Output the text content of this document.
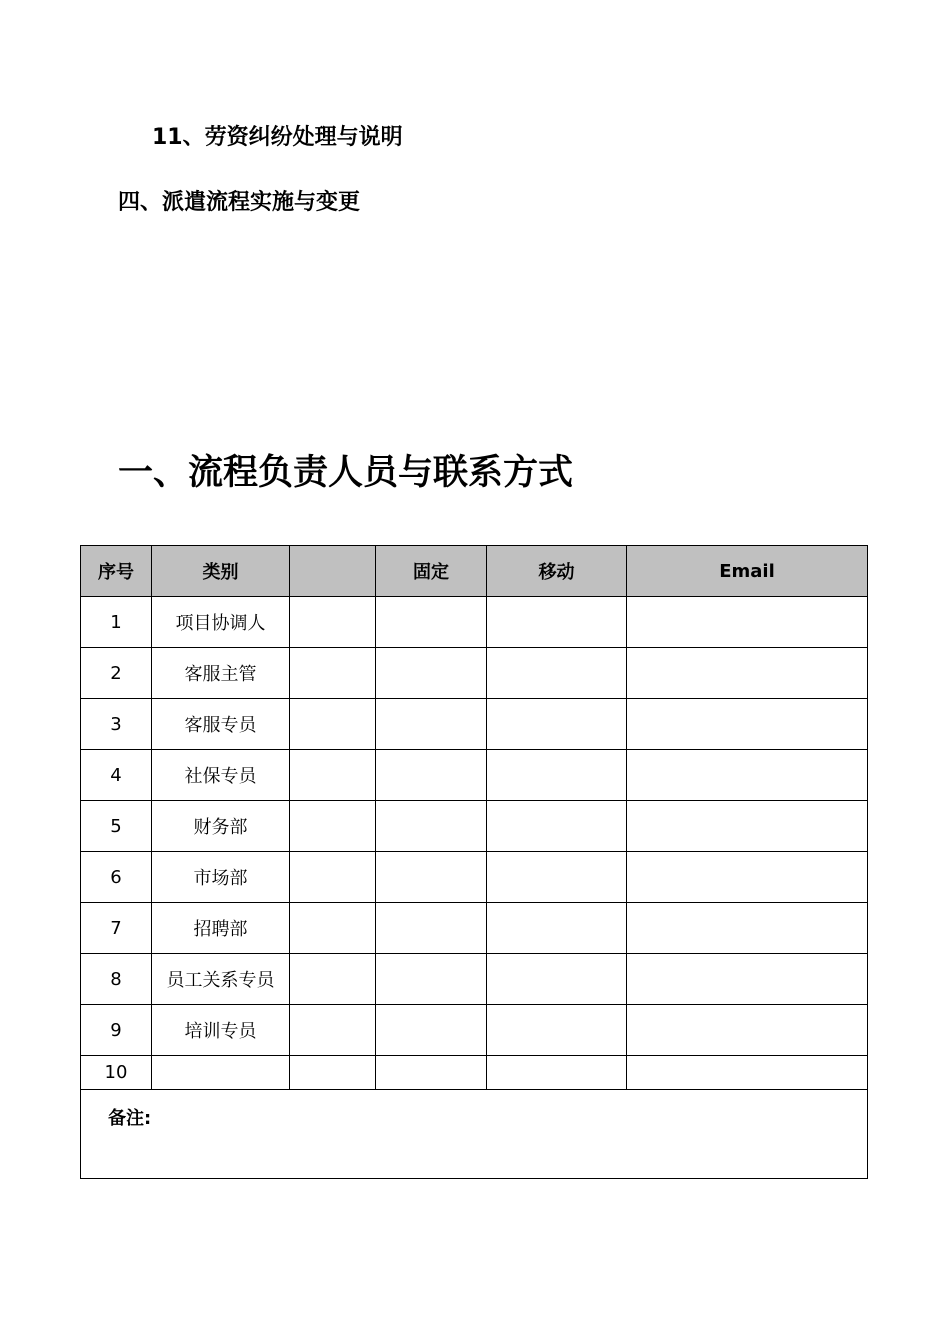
11、劳资纠纷处理与说明
四、派遣流程实施与变更
一、流程负责人员与联系方式
序号	类别		固定	移动	Email
1	项目协调人				
2	客服主管				
3	客服专员				
4	社保专员				
5	财务部				
6	市场部				
7	招聘部				
8	员工关系专员				
9	培训专员				
10					
备注:					
